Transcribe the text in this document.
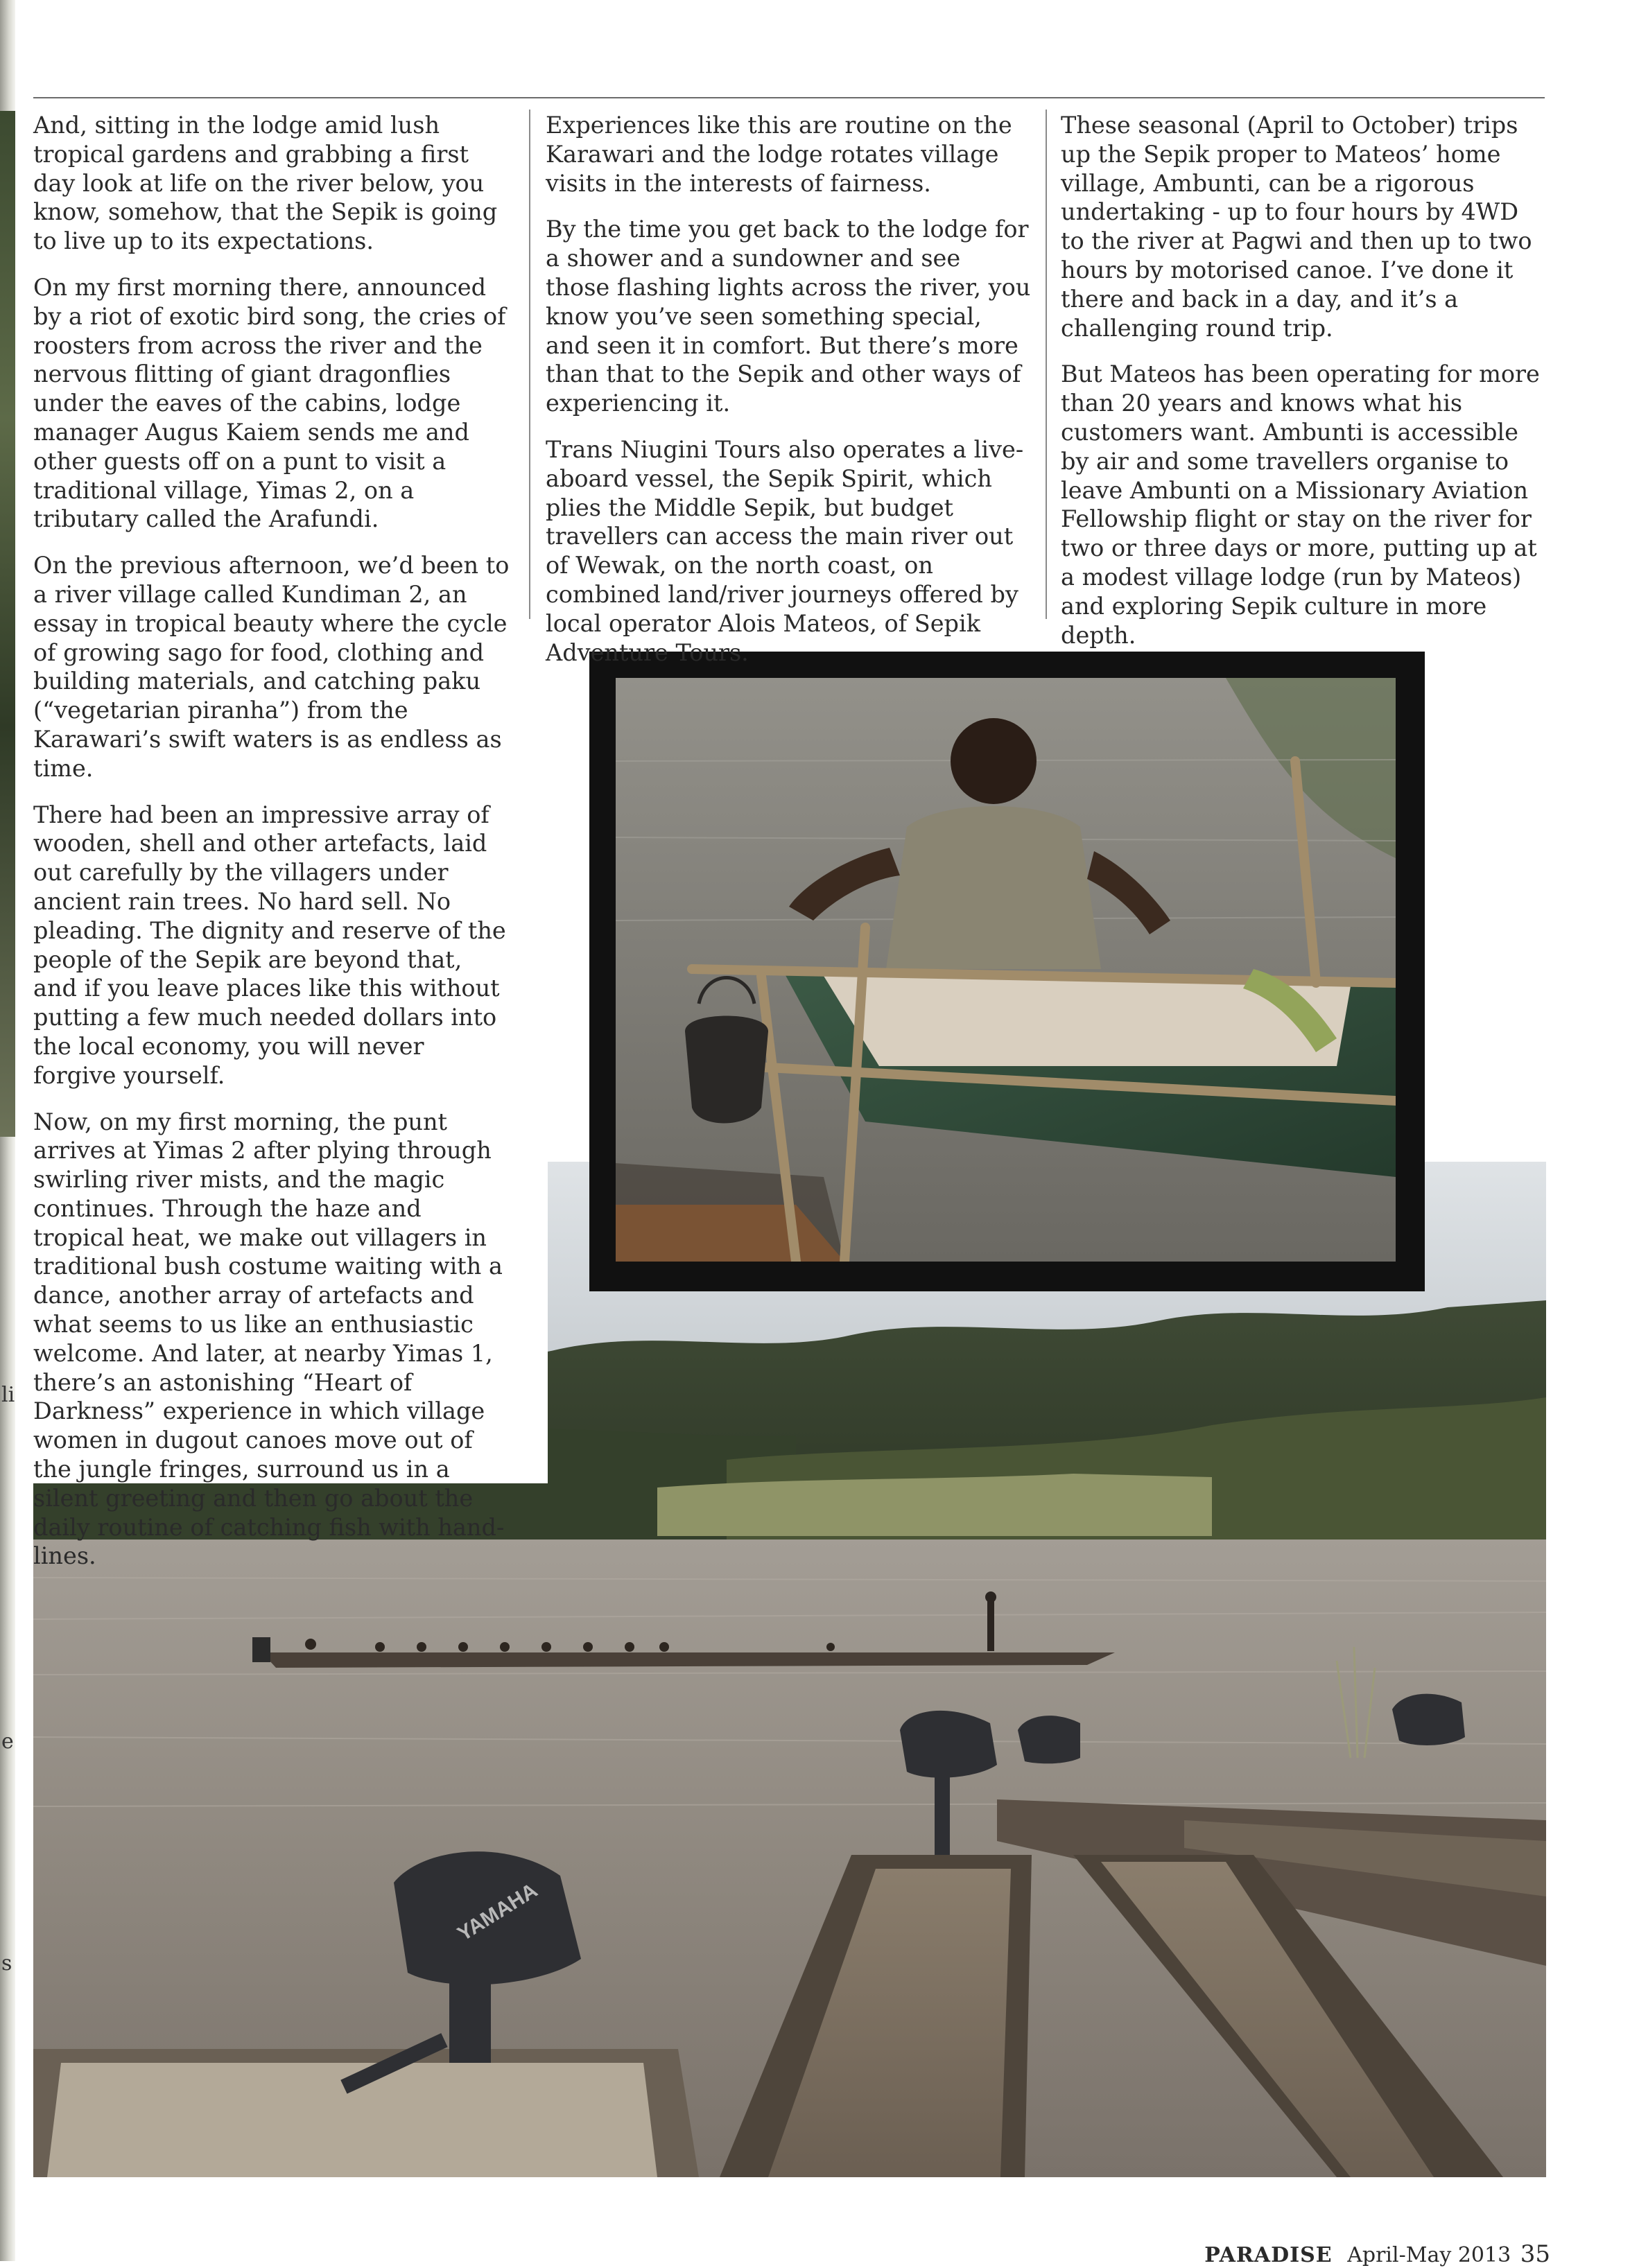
li
e
s
YAMAHA

And, sitting in the lodge amid lush tropical gardens and grabbing a first day look at life on the river below, you know, somehow, that the Sepik is going to live up to its expectations.

On my first morning there, announced by a riot of exotic bird song, the cries of roosters from across the river and the nervous flitting of giant dragonflies under the eaves of the cabins, lodge manager Augus Kaiem sends me and other guests off on a punt to visit a traditional village, Yimas 2, on a tributary called the Arafundi.

On the previous afternoon, we’d been to a river village called Kundiman 2, an essay in tropical beauty where the cycle of growing sago for food, clothing and building materials, and catching paku (“vegetarian piranha”) from the Karawari’s swift waters is as endless as time.

There had been an impressive array of wooden, shell and other artefacts, laid out carefully by the villagers under ancient rain trees. No hard sell. No pleading. The dignity and reserve of the people of the Sepik are beyond that, and if you leave places like this without putting a few much needed dollars into the local economy, you will never forgive yourself.

Now, on my first morning, the punt arrives at Yimas 2 after plying through swirling river mists, and the magic continues. Through the haze and tropical heat, we make out villagers in traditional bush costume waiting with a dance, another array of artefacts and what seems to us like an enthusiastic welcome. And later, at nearby Yimas 1, there’s an astonishing “Heart of Darkness” experience in which village women in dugout canoes move out of the jungle fringes, surround us in a silent greeting and then go about the daily routine of catching fish with hand-lines.

Experiences like this are routine on the Karawari and the lodge rotates village visits in the interests of fairness.

By the time you get back to the lodge for a shower and a sundowner and see those flashing lights across the river, you know you’ve seen something special, and seen it in comfort. But there’s more than that to the Sepik and other ways of experiencing it.

Trans Niugini Tours also operates a live-aboard vessel, the Sepik Spirit, which plies the Middle Sepik, but budget travellers can access the main river out of Wewak, on the north coast, on combined land/river journeys offered by local operator Alois Mateos, of Sepik Adventure Tours.

These seasonal (April to October) trips up the Sepik proper to Mateos’ home village, Ambunti, can be a rigorous undertaking - up to four hours by 4WD to the river at Pagwi and then up to two hours by motorised canoe. I’ve done it there and back in a day, and it’s a challenging round trip.

But Mateos has been operating for more than 20 years and knows what his customers want. Ambunti is accessible by air and some travellers organise to leave Ambunti on a Missionary Aviation Fellowship flight or stay on the river for two or three days or more, putting up at a modest village lodge (run by Mateos) and exploring Sepik culture in more depth.

PARADISE April-May 2013 35
